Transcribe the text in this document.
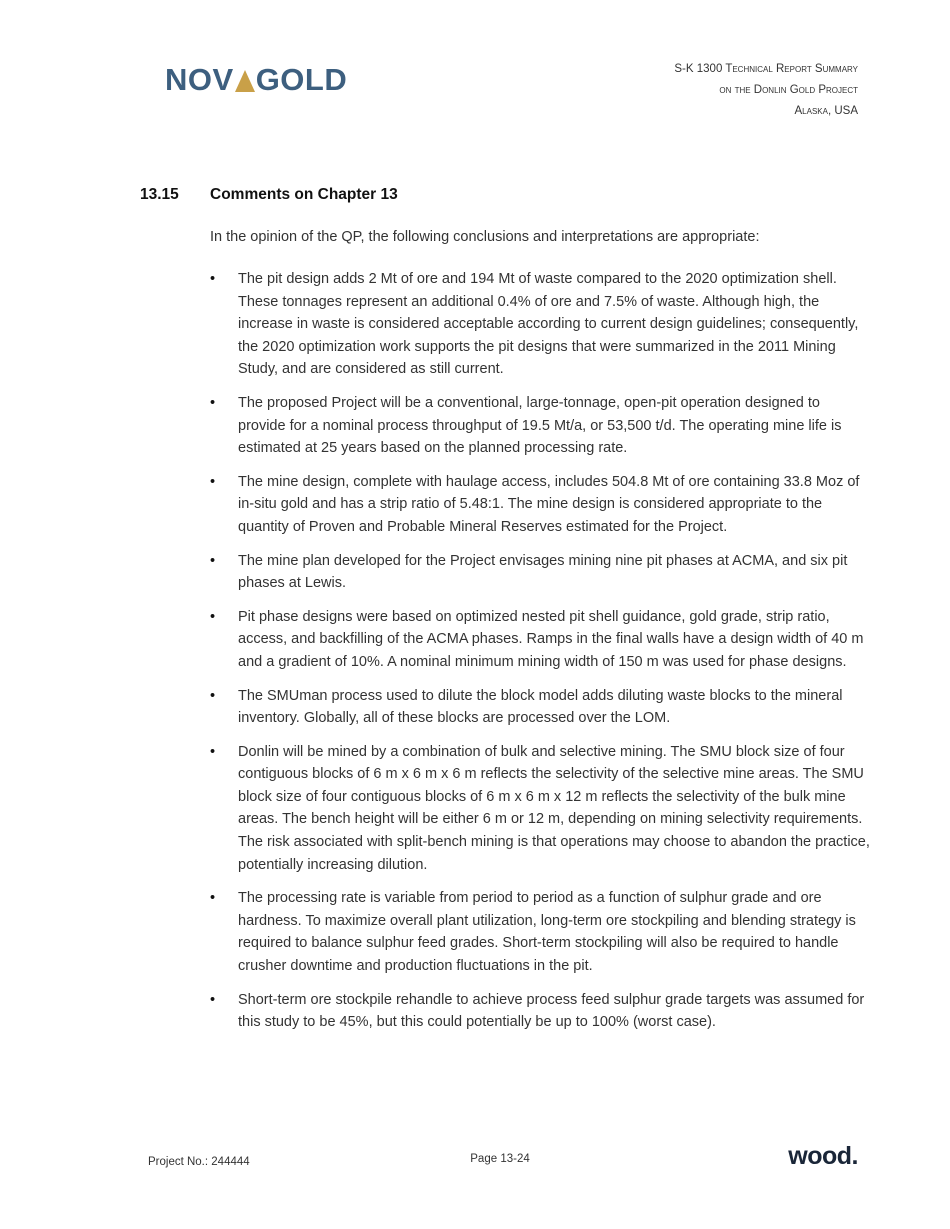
NOV GOLD	S-K 1300 Technical Report Summary
on the Donlin Gold Project
Alaska, USA
13.15 Comments on Chapter 13
In the opinion of the QP, the following conclusions and interpretations are appropriate:
• The pit design adds 2 Mt of ore and 194 Mt of waste compared to the 2020 optimization shell. These tonnages represent an additional 0.4% of ore and 7.5% of waste. Although high, the increase in waste is considered acceptable according to current design guidelines; consequently, the 2020 optimization work supports the pit designs that were summarized in the 2011 Mining Study, and are considered as still current.
• The proposed Project will be a conventional, large-tonnage, open-pit operation designed to provide for a nominal process throughput of 19.5 Mt/a, or 53,500 t/d. The operating mine life is estimated at 25 years based on the planned processing rate.
• The mine design, complete with haulage access, includes 504.8 Mt of ore containing 33.8 Moz of in-situ gold and has a strip ratio of 5.48:1. The mine design is considered appropriate to the quantity of Proven and Probable Mineral Reserves estimated for the Project.
• The mine plan developed for the Project envisages mining nine pit phases at ACMA, and six pit phases at Lewis.
• Pit phase designs were based on optimized nested pit shell guidance, gold grade, strip ratio, access, and backfilling of the ACMA phases. Ramps in the final walls have a design width of 40 m and a gradient of 10%. A nominal minimum mining width of 150 m was used for phase designs.
• The SMUman process used to dilute the block model adds diluting waste blocks to the mineral inventory. Globally, all of these blocks are processed over the LOM.
• Donlin will be mined by a combination of bulk and selective mining. The SMU block size of four contiguous blocks of 6 m x 6 m x 6 m reflects the selectivity of the selective mine areas. The SMU block size of four contiguous blocks of 6 m x 6 m x 12 m reflects the selectivity of the bulk mine areas. The bench height will be either 6 m or 12 m, depending on mining selectivity requirements. The risk associated with split-bench mining is that operations may choose to abandon the practice, potentially increasing dilution.
• The processing rate is variable from period to period as a function of sulphur grade and ore hardness. To maximize overall plant utilization, long-term ore stockpiling and blending strategy is required to balance sulphur feed grades. Short-term stockpiling will also be required to handle crusher downtime and production fluctuations in the pit.
• Short-term ore stockpile rehandle to achieve process feed sulphur grade targets was assumed for this study to be 45%, but this could potentially be up to 100% (worst case).
Project No.: 244444	Page 13-24	wood.
